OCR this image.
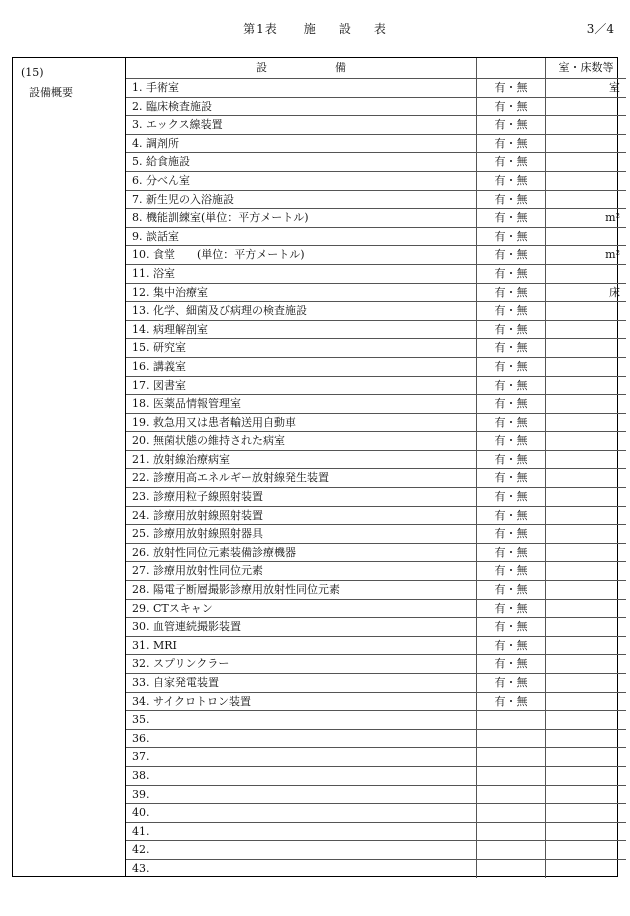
第1表 施 設 表	3／4
(15)
設備概要
設備		室・床数等
1. 手術室	有・無	室
2. 臨床検査施設	有・無	
3. エックス線装置	有・無	
4. 調剤所	有・無	
5. 給食施設	有・無	
6. 分べん室	有・無	
7. 新生児の入浴施設	有・無	
8. 機能訓練室(単位：平方メートル)	有・無	m²
9. 談話室	有・無	
10. 食堂　　(単位：平方メートル)	有・無	m²
11. 浴室	有・無	
12. 集中治療室	有・無	床
13. 化学、細菌及び病理の検査施設	有・無	
14. 病理解剖室	有・無	
15. 研究室	有・無	
16. 講義室	有・無	
17. 図書室	有・無	
18. 医薬品情報管理室	有・無	
19. 救急用又は患者輸送用自動車	有・無	
20. 無菌状態の維持された病室	有・無	
21. 放射線治療病室	有・無	
22. 診療用高エネルギー放射線発生装置	有・無	
23. 診療用粒子線照射装置	有・無	
24. 診療用放射線照射装置	有・無	
25. 診療用放射線照射器具	有・無	
26. 放射性同位元素装備診療機器	有・無	
27. 診療用放射性同位元素	有・無	
28. 陽電子断層撮影診療用放射性同位元素	有・無	
29. CTスキャン	有・無	
30. 血管連続撮影装置	有・無	
31. MRI	有・無	
32. スプリンクラー	有・無	
33. 自家発電装置	有・無	
34. サイクロトロン装置	有・無	
35.		
36.		
37.		
38.		
39.		
40.		
41.		
42.		
43.		
